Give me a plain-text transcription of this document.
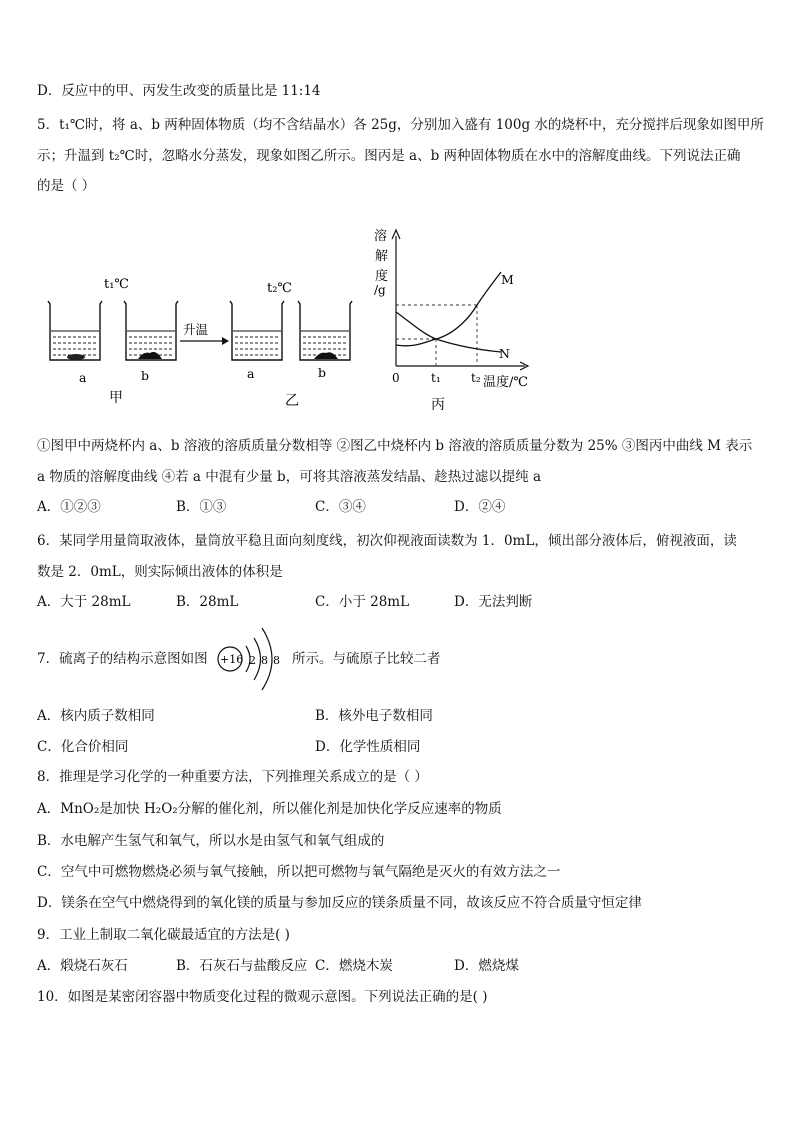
D．反应中的甲、丙发生改变的质量比是 11:14
5．t₁℃时，将 a、b 两种固体物质（均不含结晶水）各 25g，分别加入盛有 100g 水的烧杯中，充分搅拌后现象如图甲所
示；升温到 t₂℃时，忽略水分蒸发，现象如图乙所示。图丙是 a、b 两种固体物质在水中的溶解度曲线。下列说法正确
的是（ ）
t₁℃	t₂℃
升温
a	b	a	b
甲	乙
溶
解
度
/g
M
N
0	t₁	t₂ 温度/℃
丙
①图甲中两烧杯内 a、b 溶液的溶质质量分数相等 ②图乙中烧杯内 b 溶液的溶质质量分数为 25% ③图丙中曲线 M 表示
a 物质的溶解度曲线 ④若 a 中混有少量 b，可将其溶液蒸发结晶、趁热过滤以提纯 a
A．①②③	B．①③	C．③④	D．②④
6．某同学用量筒取液体，量筒放平稳且面向刻度线，初次仰视液面读数为 1．0mL，倾出部分液体后，俯视液面，读
数是 2．0mL，则实际倾出液体的体积是
A．大于 28mL	B．28mL	C．小于 28mL	D．无法判断
7．硫离子的结构示意图如图 +16 2 8 8 所示。与硫原子比较二者
A．核内质子数相同	B．核外电子数相同
C．化合价相同	D．化学性质相同
8．推理是学习化学的一种重要方法，下列推理关系成立的是（ ）
A．MnO₂是加快 H₂O₂分解的催化剂，所以催化剂是加快化学反应速率的物质
B．水电解产生氢气和氧气，所以水是由氢气和氧气组成的
C．空气中可燃物燃烧必须与氧气接触，所以把可燃物与氧气隔绝是灭火的有效方法之一
D．镁条在空气中燃烧得到的氧化镁的质量与参加反应的镁条质量不同，故该反应不符合质量守恒定律
9．工业上制取二氧化碳最适宜的方法是( )
A．煅烧石灰石	B．石灰石与盐酸反应 C．燃烧木炭	D．燃烧煤
10．如图是某密闭容器中物质变化过程的微观示意图。下列说法正确的是( )
